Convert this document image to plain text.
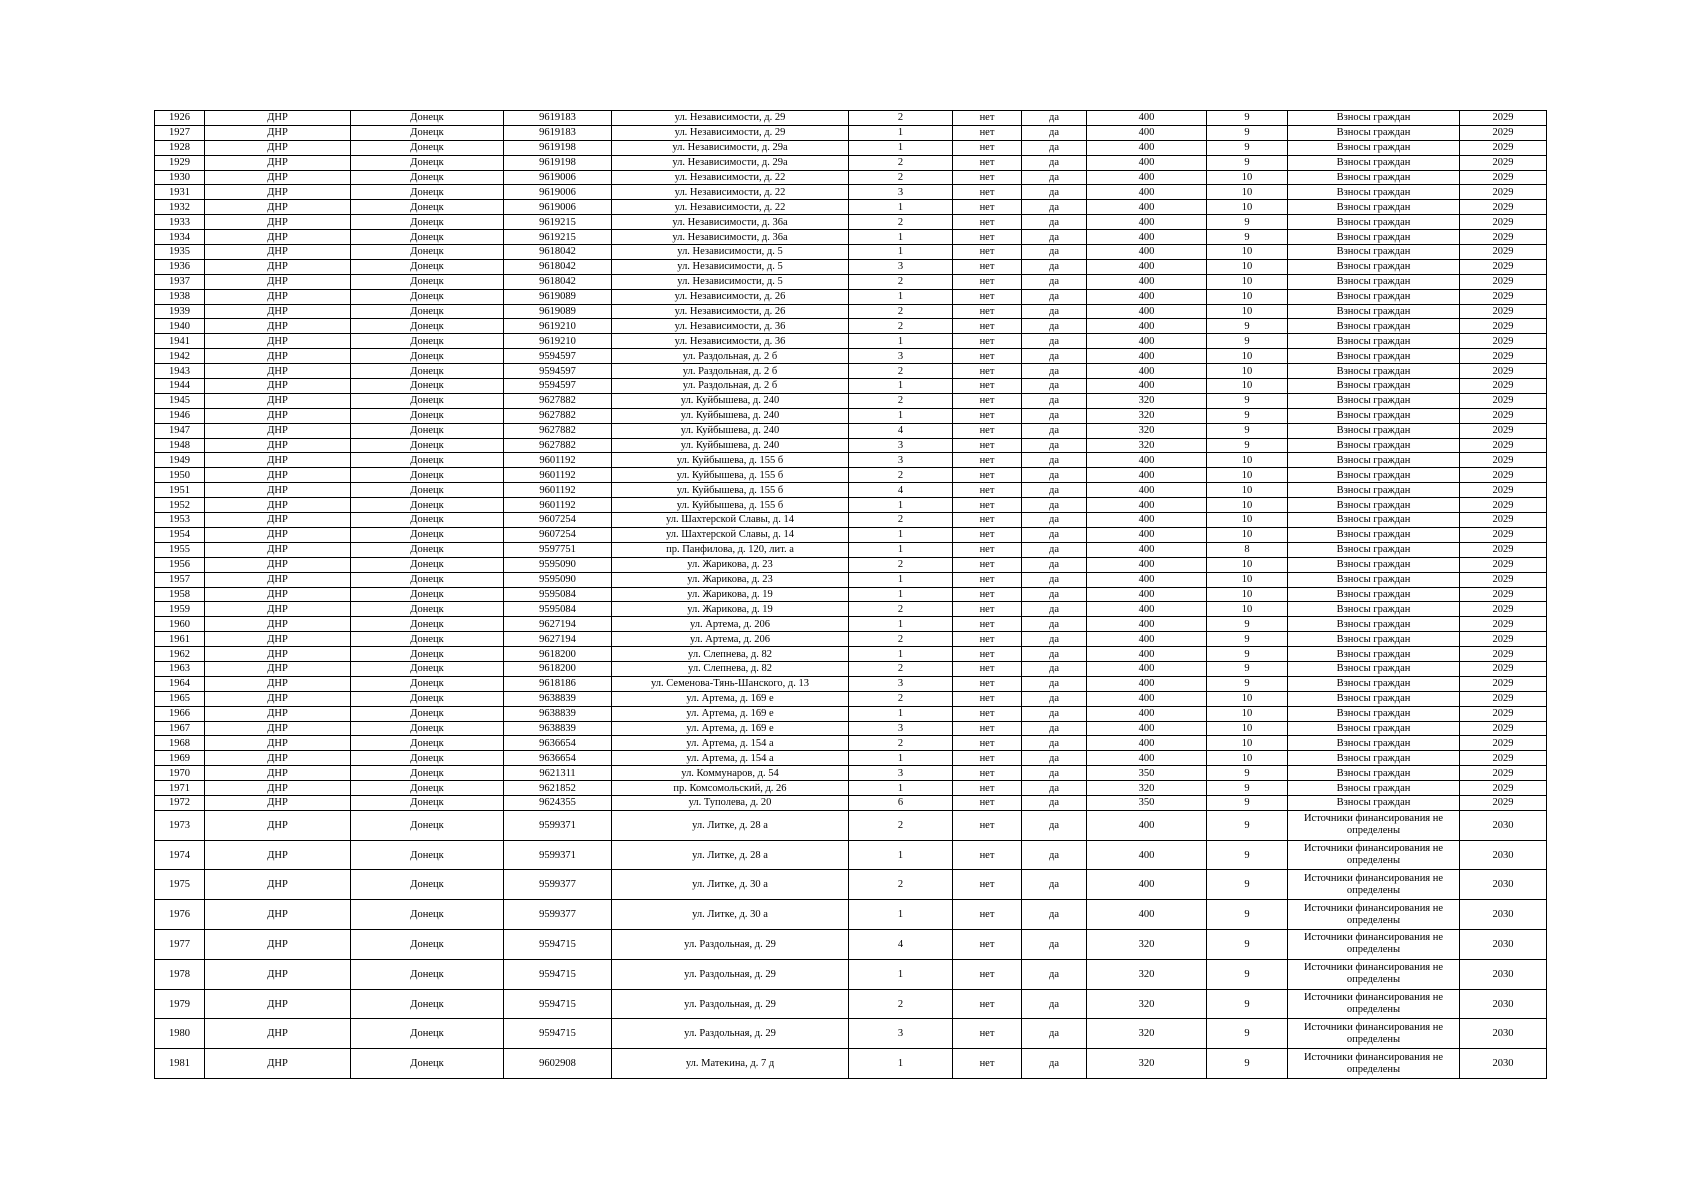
1926	ДНР	Донецк	9619183	ул. Независимости, д. 29	2	нет	да	400	9	Взносы граждан	2029
1927	ДНР	Донецк	9619183	ул. Независимости, д. 29	1	нет	да	400	9	Взносы граждан	2029
1928	ДНР	Донецк	9619198	ул. Независимости, д. 29а	1	нет	да	400	9	Взносы граждан	2029
1929	ДНР	Донецк	9619198	ул. Независимости, д. 29а	2	нет	да	400	9	Взносы граждан	2029
1930	ДНР	Донецк	9619006	ул. Независимости, д. 22	2	нет	да	400	10	Взносы граждан	2029
1931	ДНР	Донецк	9619006	ул. Независимости, д. 22	3	нет	да	400	10	Взносы граждан	2029
1932	ДНР	Донецк	9619006	ул. Независимости, д. 22	1	нет	да	400	10	Взносы граждан	2029
1933	ДНР	Донецк	9619215	ул. Независимости, д. 36а	2	нет	да	400	9	Взносы граждан	2029
1934	ДНР	Донецк	9619215	ул. Независимости, д. 36а	1	нет	да	400	9	Взносы граждан	2029
1935	ДНР	Донецк	9618042	ул. Независимости, д. 5	1	нет	да	400	10	Взносы граждан	2029
1936	ДНР	Донецк	9618042	ул. Независимости, д. 5	3	нет	да	400	10	Взносы граждан	2029
1937	ДНР	Донецк	9618042	ул. Независимости, д. 5	2	нет	да	400	10	Взносы граждан	2029
1938	ДНР	Донецк	9619089	ул. Независимости, д. 26	1	нет	да	400	10	Взносы граждан	2029
1939	ДНР	Донецк	9619089	ул. Независимости, д. 26	2	нет	да	400	10	Взносы граждан	2029
1940	ДНР	Донецк	9619210	ул. Независимости, д. 36	2	нет	да	400	9	Взносы граждан	2029
1941	ДНР	Донецк	9619210	ул. Независимости, д. 36	1	нет	да	400	9	Взносы граждан	2029
1942	ДНР	Донецк	9594597	ул. Раздольная, д. 2 б	3	нет	да	400	10	Взносы граждан	2029
1943	ДНР	Донецк	9594597	ул. Раздольная, д. 2 б	2	нет	да	400	10	Взносы граждан	2029
1944	ДНР	Донецк	9594597	ул. Раздольная, д. 2 б	1	нет	да	400	10	Взносы граждан	2029
1945	ДНР	Донецк	9627882	ул. Куйбышева, д. 240	2	нет	да	320	9	Взносы граждан	2029
1946	ДНР	Донецк	9627882	ул. Куйбышева, д. 240	1	нет	да	320	9	Взносы граждан	2029
1947	ДНР	Донецк	9627882	ул. Куйбышева, д. 240	4	нет	да	320	9	Взносы граждан	2029
1948	ДНР	Донецк	9627882	ул. Куйбышева, д. 240	3	нет	да	320	9	Взносы граждан	2029
1949	ДНР	Донецк	9601192	ул. Куйбышева, д. 155 б	3	нет	да	400	10	Взносы граждан	2029
1950	ДНР	Донецк	9601192	ул. Куйбышева, д. 155 б	2	нет	да	400	10	Взносы граждан	2029
1951	ДНР	Донецк	9601192	ул. Куйбышева, д. 155 б	4	нет	да	400	10	Взносы граждан	2029
1952	ДНР	Донецк	9601192	ул. Куйбышева, д. 155 б	1	нет	да	400	10	Взносы граждан	2029
1953	ДНР	Донецк	9607254	ул. Шахтерской Славы, д. 14	2	нет	да	400	10	Взносы граждан	2029
1954	ДНР	Донецк	9607254	ул. Шахтерской Славы, д. 14	1	нет	да	400	10	Взносы граждан	2029
1955	ДНР	Донецк	9597751	пр. Панфилова, д. 120, лит. а	1	нет	да	400	8	Взносы граждан	2029
1956	ДНР	Донецк	9595090	ул. Жарикова, д. 23	2	нет	да	400	10	Взносы граждан	2029
1957	ДНР	Донецк	9595090	ул. Жарикова, д. 23	1	нет	да	400	10	Взносы граждан	2029
1958	ДНР	Донецк	9595084	ул. Жарикова, д. 19	1	нет	да	400	10	Взносы граждан	2029
1959	ДНР	Донецк	9595084	ул. Жарикова, д. 19	2	нет	да	400	10	Взносы граждан	2029
1960	ДНР	Донецк	9627194	ул. Артема, д. 206	1	нет	да	400	9	Взносы граждан	2029
1961	ДНР	Донецк	9627194	ул. Артема, д. 206	2	нет	да	400	9	Взносы граждан	2029
1962	ДНР	Донецк	9618200	ул. Слепнева, д. 82	1	нет	да	400	9	Взносы граждан	2029
1963	ДНР	Донецк	9618200	ул. Слепнева, д. 82	2	нет	да	400	9	Взносы граждан	2029
1964	ДНР	Донецк	9618186	ул. Семенова-Тянь-Шанского, д. 13	3	нет	да	400	9	Взносы граждан	2029
1965	ДНР	Донецк	9638839	ул. Артема, д. 169 е	2	нет	да	400	10	Взносы граждан	2029
1966	ДНР	Донецк	9638839	ул. Артема, д. 169 е	1	нет	да	400	10	Взносы граждан	2029
1967	ДНР	Донецк	9638839	ул. Артема, д. 169 е	3	нет	да	400	10	Взносы граждан	2029
1968	ДНР	Донецк	9636654	ул. Артема, д. 154 а	2	нет	да	400	10	Взносы граждан	2029
1969	ДНР	Донецк	9636654	ул. Артема, д. 154 а	1	нет	да	400	10	Взносы граждан	2029
1970	ДНР	Донецк	9621311	ул. Коммунаров, д. 54	3	нет	да	350	9	Взносы граждан	2029
1971	ДНР	Донецк	9621852	пр. Комсомольский, д. 26	1	нет	да	320	9	Взносы граждан	2029
1972	ДНР	Донецк	9624355	ул. Туполева, д. 20	6	нет	да	350	9	Взносы граждан	2029
1973	ДНР	Донецк	9599371	ул. Литке, д. 28 а	2	нет	да	400	9	Источники финансирования не определены	2030
1974	ДНР	Донецк	9599371	ул. Литке, д. 28 а	1	нет	да	400	9	Источники финансирования не определены	2030
1975	ДНР	Донецк	9599377	ул. Литке, д. 30 а	2	нет	да	400	9	Источники финансирования не определены	2030
1976	ДНР	Донецк	9599377	ул. Литке, д. 30 а	1	нет	да	400	9	Источники финансирования не определены	2030
1977	ДНР	Донецк	9594715	ул. Раздольная, д. 29	4	нет	да	320	9	Источники финансирования не определены	2030
1978	ДНР	Донецк	9594715	ул. Раздольная, д. 29	1	нет	да	320	9	Источники финансирования не определены	2030
1979	ДНР	Донецк	9594715	ул. Раздольная, д. 29	2	нет	да	320	9	Источники финансирования не определены	2030
1980	ДНР	Донецк	9594715	ул. Раздольная, д. 29	3	нет	да	320	9	Источники финансирования не определены	2030
1981	ДНР	Донецк	9602908	ул. Матекина, д. 7 д	1	нет	да	320	9	Источники финансирования не определены	2030
